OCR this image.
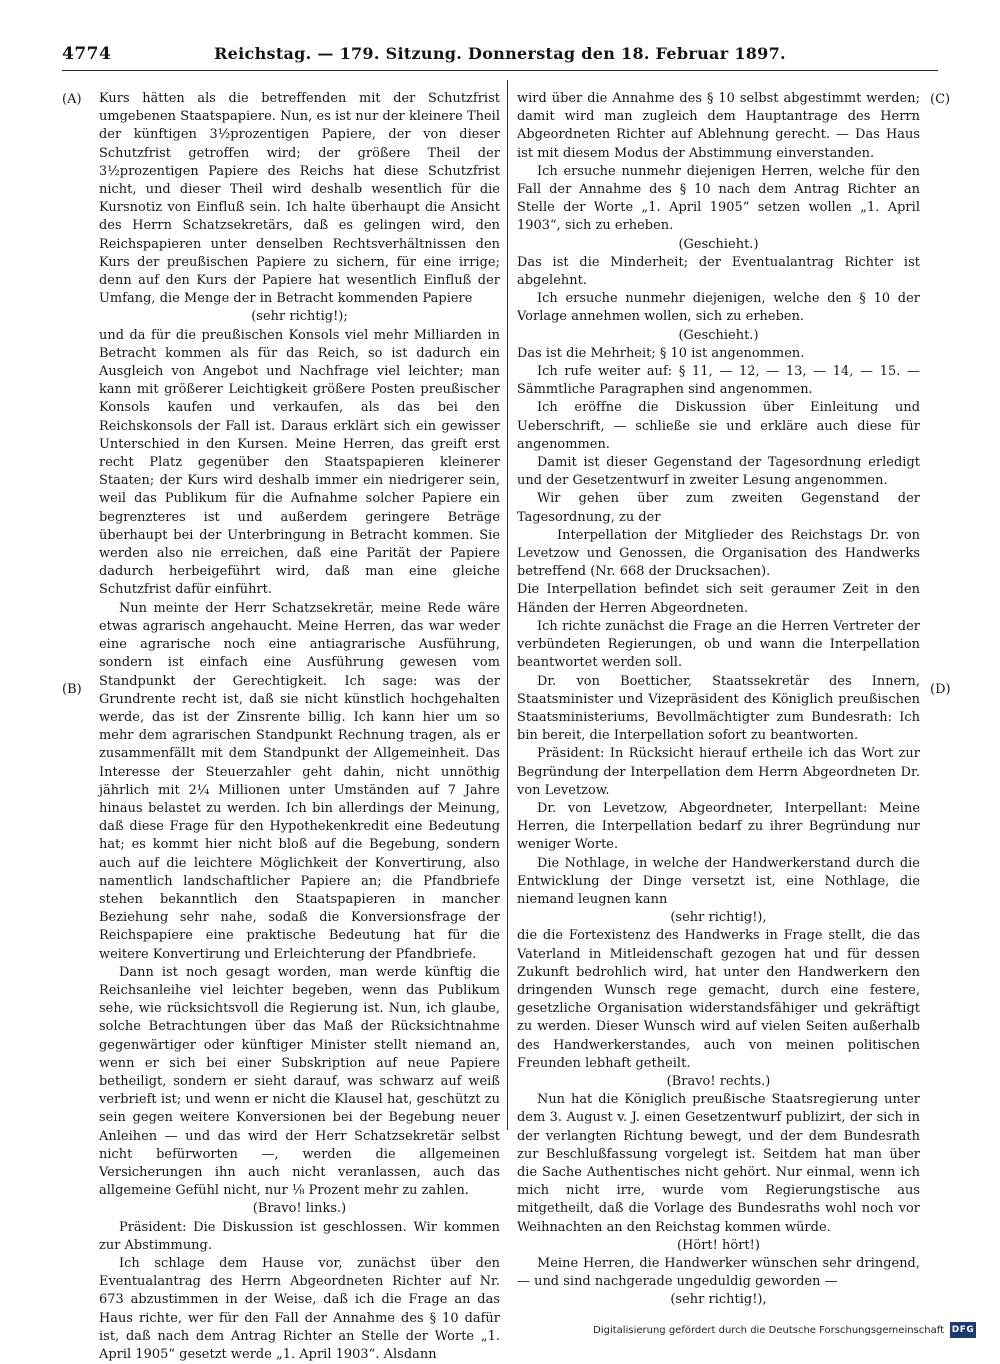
4774	Reichstag. — 179. Sitzung. Donnerstag den 18. Februar 1897.
(A)
(B)
(C)
(D)

Kurs hätten als die betreffenden mit der Schutzfrist umgebenen Staatspapiere. Nun, es ist nur der kleinere Theil der künftigen 3½prozentigen Papiere, der von dieser Schutzfrist getroffen wird; der größere Theil der 3½prozentigen Papiere des Reichs hat diese Schutzfrist nicht, und dieser Theil wird deshalb wesentlich für die Kursnotiz von Einfluß sein. Ich halte überhaupt die Ansicht des Herrn Schatzsekretärs, daß es gelingen wird, den Reichspapieren unter denselben Rechtsverhältnissen den Kurs der preußischen Papiere zu sichern, für eine irrige; denn auf den Kurs der Papiere hat wesentlich Einfluß der Umfang, die Menge der in Betracht kommenden Papiere

(sehr richtig!);

und da für die preußischen Konsols viel mehr Milliarden in Betracht kommen als für das Reich, so ist dadurch ein Ausgleich von Angebot und Nachfrage viel leichter; man kann mit größerer Leichtigkeit größere Posten preußischer Konsols kaufen und verkaufen, als das bei den Reichskonsols der Fall ist. Daraus erklärt sich ein gewisser Unterschied in den Kursen. Meine Herren, das greift erst recht Platz gegenüber den Staatspapieren kleinerer Staaten; der Kurs wird deshalb immer ein niedrigerer sein, weil das Publikum für die Aufnahme solcher Papiere ein begrenzteres ist und außerdem geringere Beträge überhaupt bei der Unterbringung in Betracht kommen. Sie werden also nie erreichen, daß eine Parität der Papiere dadurch herbeigeführt wird, daß man eine gleiche Schutzfrist dafür einführt.

Nun meinte der Herr Schatzsekretär, meine Rede wäre etwas agrarisch angehaucht. Meine Herren, das war weder eine agrarische noch eine antiagrarische Ausführung, sondern ist einfach eine Ausführung gewesen vom Standpunkt der Gerechtigkeit. Ich sage: was der Grundrente recht ist, daß sie nicht künstlich hochgehalten werde, das ist der Zinsrente billig. Ich kann hier um so mehr dem agrarischen Standpunkt Rechnung tragen, als er zusammenfällt mit dem Standpunkt der Allgemeinheit. Das Interesse der Steuerzahler geht dahin, nicht unnöthig jährlich mit 2¼ Millionen unter Umständen auf 7 Jahre hinaus belastet zu werden. Ich bin allerdings der Meinung, daß diese Frage für den Hypothekenkredit eine Bedeutung hat; es kommt hier nicht bloß auf die Begebung, sondern auch auf die leichtere Möglichkeit der Konvertirung, also namentlich landschaftlicher Papiere an; die Pfandbriefe stehen bekanntlich den Staatspapieren in mancher Beziehung sehr nahe, sodaß die Konversionsfrage der Reichspapiere eine praktische Bedeutung hat für die weitere Konvertirung und Erleichterung der Pfandbriefe.

Dann ist noch gesagt worden, man werde künftig die Reichsanleihe viel leichter begeben, wenn das Publikum sehe, wie rücksichtsvoll die Regierung ist. Nun, ich glaube, solche Betrachtungen über das Maß der Rücksichtnahme gegenwärtiger oder künftiger Minister stellt niemand an, wenn er sich bei einer Subskription auf neue Papiere betheiligt, sondern er sieht darauf, was schwarz auf weiß verbrieft ist; und wenn er nicht die Klausel hat, geschützt zu sein gegen weitere Konversionen bei der Begebung neuer Anleihen — und das wird der Herr Schatzsekretär selbst nicht befürworten —, werden die allgemeinen Versicherungen ihn auch nicht veranlassen, auch das allgemeine Gefühl nicht, nur ⅛ Prozent mehr zu zahlen.

(Bravo! links.)

Präsident: Die Diskussion ist geschlossen. Wir kommen zur Abstimmung.

Ich schlage dem Hause vor, zunächst über den Eventualantrag des Herrn Abgeordneten Richter auf Nr. 673 abzustimmen in der Weise, daß ich die Frage an das Haus richte, wer für den Fall der Annahme des § 10 dafür ist, daß nach dem Antrag Richter an Stelle der Worte „1. April 1905“ gesetzt werde „1. April 1903“. Alsdann

wird über die Annahme des § 10 selbst abgestimmt werden; damit wird man zugleich dem Hauptantrage des Herrn Abgeordneten Richter auf Ablehnung gerecht. — Das Haus ist mit diesem Modus der Abstimmung einverstanden.

Ich ersuche nunmehr diejenigen Herren, welche für den Fall der Annahme des § 10 nach dem Antrag Richter an Stelle der Worte „1. April 1905“ setzen wollen „1. April 1903“, sich zu erheben.

(Geschieht.)

Das ist die Minderheit; der Eventualantrag Richter ist abgelehnt.

Ich ersuche nunmehr diejenigen, welche den § 10 der Vorlage annehmen wollen, sich zu erheben.

(Geschieht.)

Das ist die Mehrheit; § 10 ist angenommen.

Ich rufe weiter auf: § 11, — 12, — 13, — 14, — 15. — Sämmtliche Paragraphen sind angenommen.

Ich eröffne die Diskussion über Einleitung und Ueberschrift, — schließe sie und erkläre auch diese für angenommen.

Damit ist dieser Gegenstand der Tagesordnung erledigt und der Gesetzentwurf in zweiter Lesung angenommen.

Wir gehen über zum zweiten Gegenstand der Tagesordnung, zu der

Interpellation der Mitglieder des Reichstags Dr. von Levetzow und Genossen, die Organisation des Handwerks betreffend (Nr. 668 der Drucksachen).

Die Interpellation befindet sich seit geraumer Zeit in den Händen der Herren Abgeordneten.

Ich richte zunächst die Frage an die Herren Vertreter der verbündeten Regierungen, ob und wann die Interpellation beantwortet werden soll.

Dr. von Boetticher, Staatssekretär des Innern, Staatsminister und Vizepräsident des Königlich preußischen Staatsministeriums, Bevollmächtigter zum Bundesrath: Ich bin bereit, die Interpellation sofort zu beantworten.

Präsident: In Rücksicht hierauf ertheile ich das Wort zur Begründung der Interpellation dem Herrn Abgeordneten Dr. von Levetzow.

Dr. von Levetzow, Abgeordneter, Interpellant: Meine Herren, die Interpellation bedarf zu ihrer Begründung nur weniger Worte.

Die Nothlage, in welche der Handwerkerstand durch die Entwicklung der Dinge versetzt ist, eine Nothlage, die niemand leugnen kann

(sehr richtig!),

die die Fortexistenz des Handwerks in Frage stellt, die das Vaterland in Mitleidenschaft gezogen hat und für dessen Zukunft bedrohlich wird, hat unter den Handwerkern den dringenden Wunsch rege gemacht, durch eine festere, gesetzliche Organisation widerstandsfähiger und gekräftigt zu werden. Dieser Wunsch wird auf vielen Seiten außerhalb des Handwerkerstandes, auch von meinen politischen Freunden lebhaft getheilt.

(Bravo! rechts.)

Nun hat die Königlich preußische Staatsregierung unter dem 3. August v. J. einen Gesetzentwurf publizirt, der sich in der verlangten Richtung bewegt, und der dem Bundesrath zur Beschlußfassung vorgelegt ist. Seitdem hat man über die Sache Authentisches nicht gehört. Nur einmal, wenn ich mich nicht irre, wurde vom Regierungstische aus mitgetheilt, daß die Vorlage des Bundesraths wohl noch vor Weihnachten an den Reichstag kommen würde.

(Hört! hört!)

Meine Herren, die Handwerker wünschen sehr dringend, — und sind nachgerade ungeduldig geworden —

(sehr richtig!),

Digitalisierung gefördert durch die Deutsche Forschungsgemeinschaft DFG
